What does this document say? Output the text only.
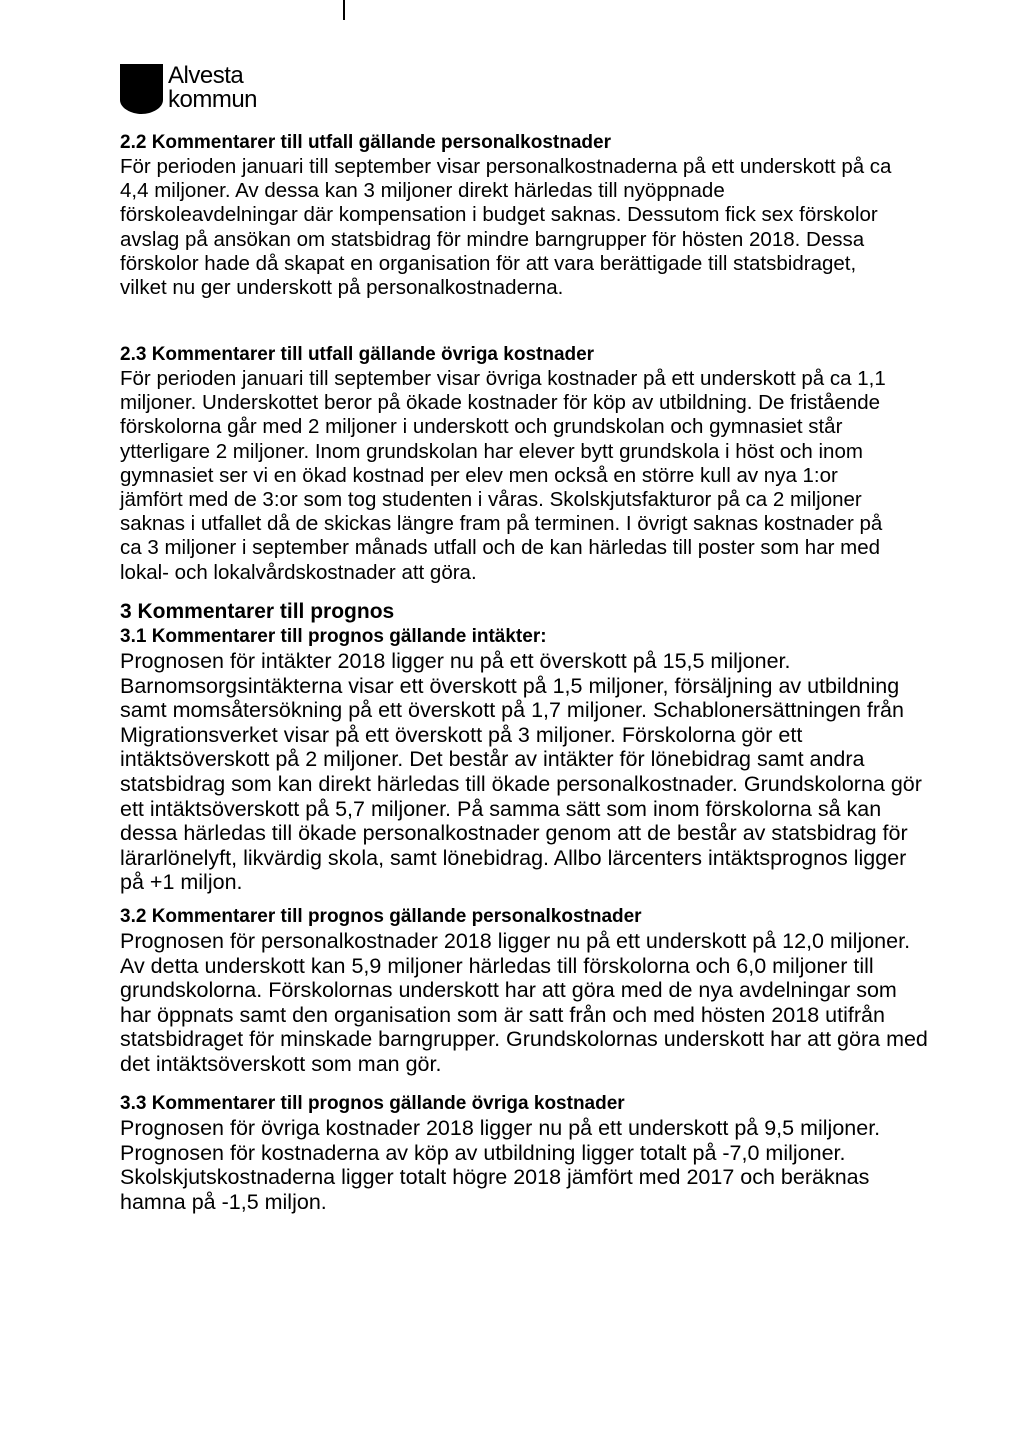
Alvesta
kommun
2.2 Kommentarer till utfall gällande personalkostnader
För perioden januari till september visar personalkostnaderna på ett underskott på ca
4,4 miljoner. Av dessa kan 3 miljoner direkt härledas till nyöppnade
förskoleavdelningar där kompensation i budget saknas. Dessutom fick sex förskolor
avslag på ansökan om statsbidrag för mindre barngrupper för hösten 2018. Dessa
förskolor hade då skapat en organisation för att vara berättigade till statsbidraget,
vilket nu ger underskott på personalkostnaderna.
2.3 Kommentarer till utfall gällande övriga kostnader
För perioden januari till september visar övriga kostnader på ett underskott på ca 1,1
miljoner. Underskottet beror på ökade kostnader för köp av utbildning. De fristående
förskolorna går med 2 miljoner i underskott och grundskolan och gymnasiet står
ytterligare 2 miljoner. Inom grundskolan har elever bytt grundskola i höst och inom
gymnasiet ser vi en ökad kostnad per elev men också en större kull av nya 1:or
jämfört med de 3:or som tog studenten i våras. Skolskjutsfakturor på ca 2 miljoner
saknas i utfallet då de skickas längre fram på terminen. I övrigt saknas kostnader på
ca 3 miljoner i september månads utfall och de kan härledas till poster som har med
lokal- och lokalvårdskostnader att göra.
3 Kommentarer till prognos
3.1 Kommentarer till prognos gällande intäkter:
Prognosen för intäkter 2018 ligger nu på ett överskott på 15,5 miljoner.
Barnomsorgsintäkterna visar ett överskott på 1,5 miljoner, försäljning av utbildning
samt momsåtersökning på ett överskott på 1,7 miljoner. Schablonersättningen från
Migrationsverket visar på ett överskott på 3 miljoner. Förskolorna gör ett
intäktsöverskott på 2 miljoner. Det består av intäkter för lönebidrag samt andra
statsbidrag som kan direkt härledas till ökade personalkostnader. Grundskolorna gör
ett intäktsöverskott på 5,7 miljoner. På samma sätt som inom förskolorna så kan
dessa härledas till ökade personalkostnader genom att de består av statsbidrag för
lärarlönelyft, likvärdig skola, samt lönebidrag. Allbo lärcenters intäktsprognos ligger
på +1 miljon.
3.2 Kommentarer till prognos gällande personalkostnader
Prognosen för personalkostnader 2018 ligger nu på ett underskott på 12,0 miljoner.
Av detta underskott kan 5,9 miljoner härledas till förskolorna och 6,0 miljoner till
grundskolorna. Förskolornas underskott har att göra med de nya avdelningar som
har öppnats samt den organisation som är satt från och med hösten 2018 utifrån
statsbidraget för minskade barngrupper. Grundskolornas underskott har att göra med
det intäktsöverskott som man gör.
3.3 Kommentarer till prognos gällande övriga kostnader
Prognosen för övriga kostnader 2018 ligger nu på ett underskott på 9,5 miljoner.
Prognosen för kostnaderna av köp av utbildning ligger totalt på -7,0 miljoner.
Skolskjutskostnaderna ligger totalt högre 2018 jämfört med 2017 och beräknas
hamna på -1,5 miljon.
